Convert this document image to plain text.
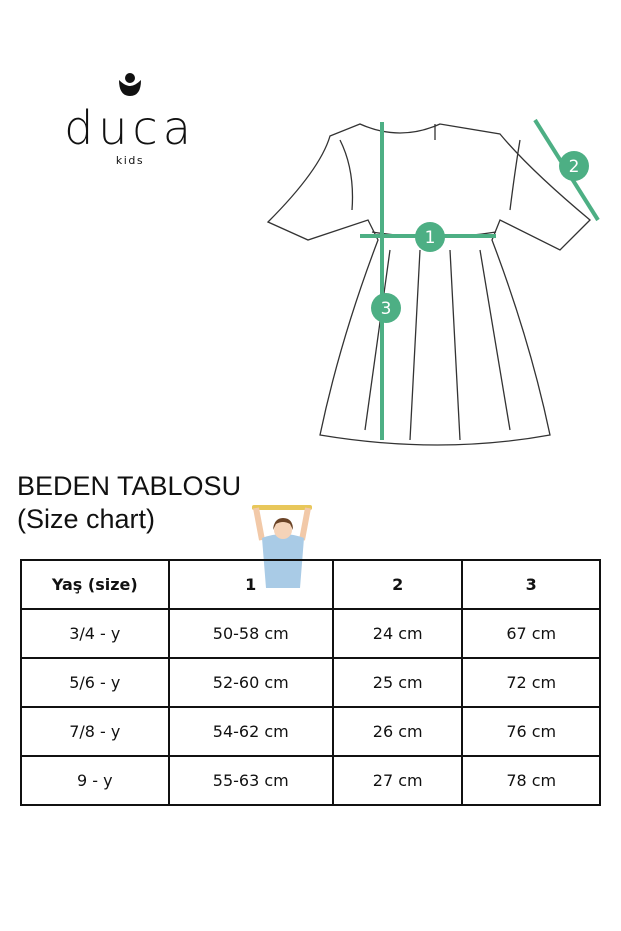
duca
kids
1
2
3
BEDEN TABLOSU
(Size chart)
Yaş (size)	1	2	3
3/4 - y	50-58 cm	24 cm	67 cm
5/6 - y	52-60 cm	25 cm	72 cm
7/8 - y	54-62 cm	26 cm	76 cm
9 - y	55-63 cm	27 cm	78 cm
